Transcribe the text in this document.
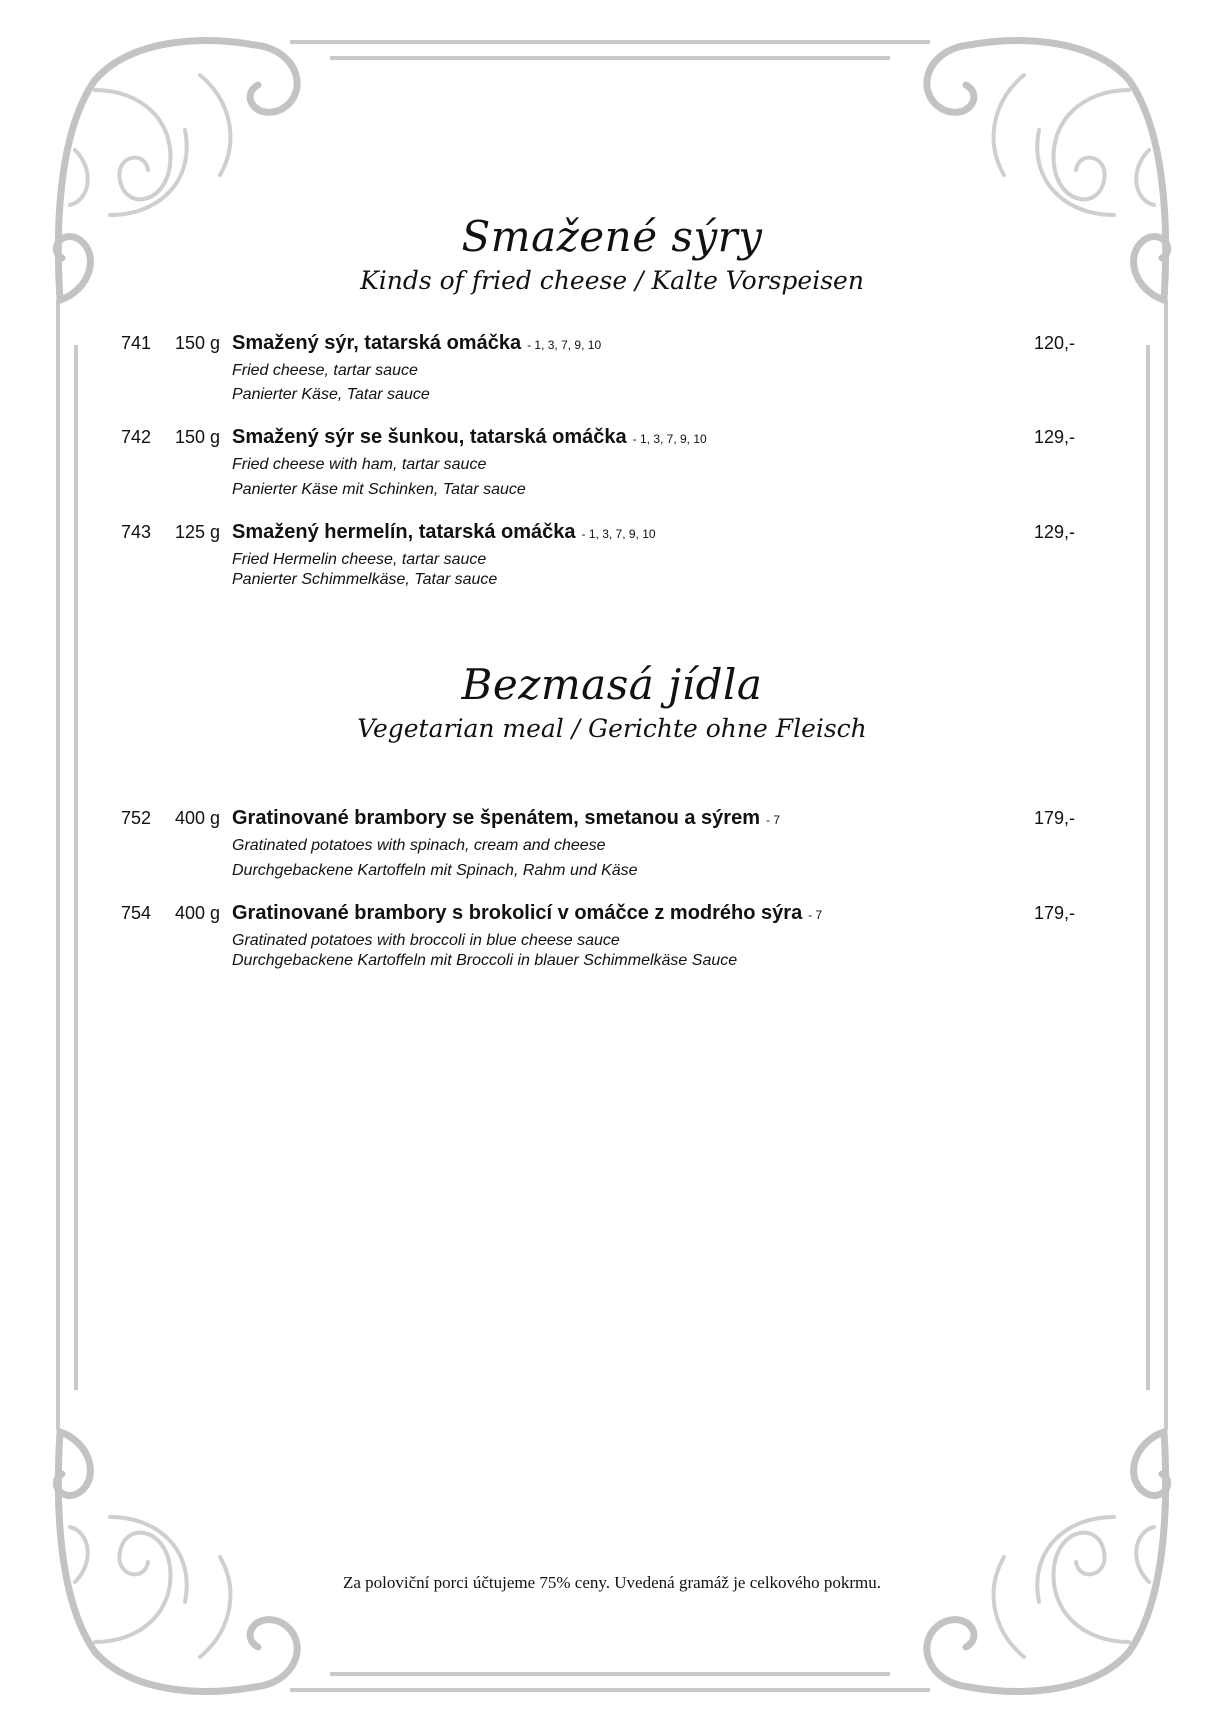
Smažené sýry
Kinds of fried cheese / Kalte Vorspeisen
741 150 g Smažený sýr, tatarská omáčka - 1, 3, 7, 9, 10	120,-
Fried cheese, tartar sauce
Panierter Käse, Tatar sauce
742 150 g Smažený sýr se šunkou, tatarská omáčka - 1, 3, 7, 9, 10	129,-
Fried cheese with ham, tartar sauce
Panierter Käse mit Schinken, Tatar sauce
743 125 g Smažený hermelín, tatarská omáčka - 1, 3, 7, 9, 10	129,-
Fried Hermelin cheese, tartar sauce
Panierter Schimmelkäse, Tatar sauce
Bezmasá jídla
Vegetarian meal / Gerichte ohne Fleisch
752 400 g Gratinované brambory se špenátem, smetanou a sýrem - 7	179,-
Gratinated potatoes with spinach, cream and cheese
Durchgebackene Kartoffeln mit Spinach, Rahm und Käse
754 400 g Gratinované brambory s brokolicí v omáčce z modrého sýra - 7	179,-
Gratinated potatoes with broccoli in blue cheese sauce
Durchgebackene Kartoffeln mit Broccoli in blauer Schimmelkäse Sauce
Za poloviční porci účtujeme 75% ceny. Uvedená gramáž je celkového pokrmu.
